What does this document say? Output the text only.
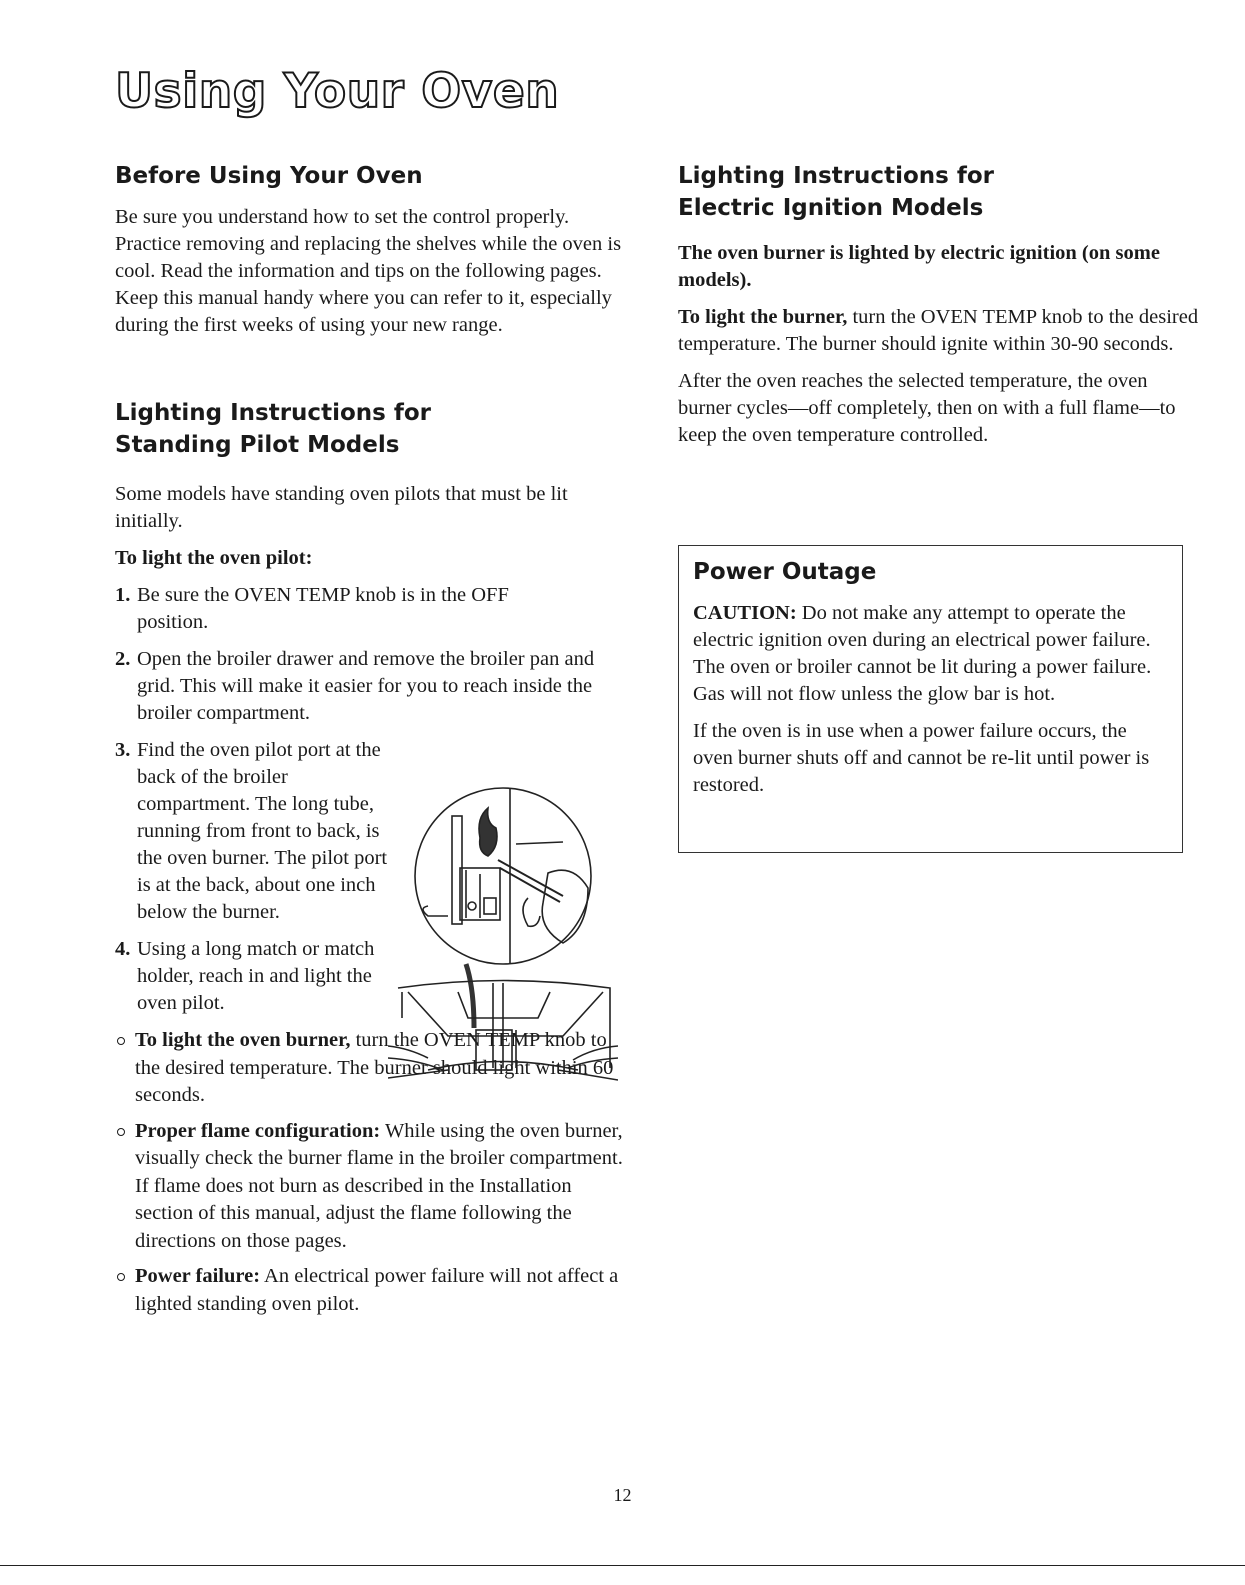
Using Your Oven
Before Using Your Oven

Be sure you understand how to set the control properly. Practice removing and replacing the shelves while the oven is cool. Read the information and tips on the following pages. Keep this manual handy where you can refer to it, especially during the first weeks of using your new range.

Lighting Instructions for
Standing Pilot Models

Some models have standing oven pilots that must be lit initially.

To light the oven pilot:

1. Be sure the OVEN TEMP knob is in the OFF position.
2. Open the broiler drawer and remove the broiler pan and grid. This will make it easier for you to reach inside the broiler compartment.
3. Find the oven pilot port at the back of the broiler compartment. The long tube, running from front to back, is the oven burner. The pilot port is at the back, about one inch below the burner.
4. Using a long match or match holder, reach in and light the oven pilot.
To light the oven burner, turn the OVEN TEMP knob to the desired temperature. The burner should light within 60 seconds.
Proper flame configuration: While using the oven burner, visually check the burner flame in the broiler compartment. If flame does not burn as described in the Installation section of this manual, adjust the flame following the directions on those pages.
Power failure: An electrical power failure will not affect a lighted standing oven pilot.
Lighting Instructions for
Electric Ignition Models

The oven burner is lighted by electric ignition (on some models).

To light the burner, turn the OVEN TEMP knob to the desired temperature. The burner should ignite within 30-90 seconds.

After the oven reaches the selected temperature, the oven burner cycles—off completely, then on with a full flame—to keep the oven temperature controlled.

Power Outage

CAUTION: Do not make any attempt to operate the electric ignition oven during an electrical power failure. The oven or broiler cannot be lit during a power failure. Gas will not flow unless the glow bar is hot.

If the oven is in use when a power failure occurs, the oven burner shuts off and cannot be re-lit until power is restored.

12
